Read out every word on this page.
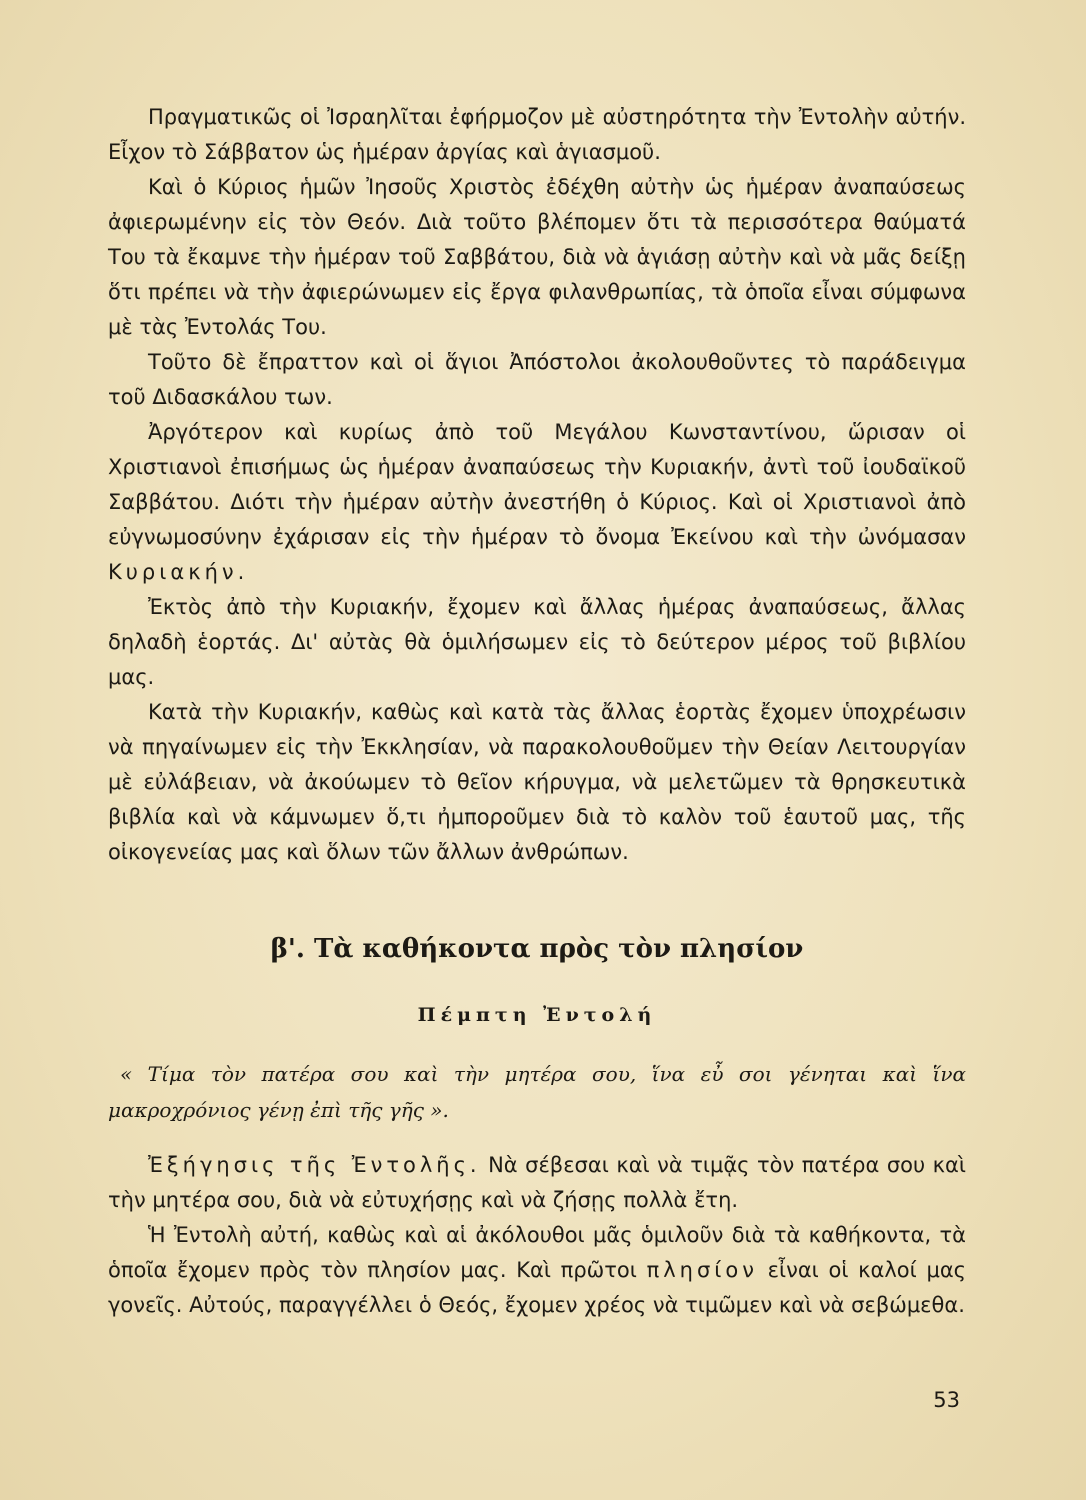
Πραγματικῶς οἱ Ἰσραηλῖται ἐφήρμοζον μὲ αὐστηρότητα τὴν Ἐντολὴν αὐτήν. Εἶχον τὸ Σάββατον ὡς ἡμέραν ἀργίας καὶ ἁγιασμοῦ.

Καὶ ὁ Κύριος ἡμῶν Ἰησοῦς Χριστὸς ἐδέχθη αὐτὴν ὡς ἡμέραν ἀναπαύσεως ἀφιερωμένην εἰς τὸν Θεόν. Διὰ τοῦτο βλέπομεν ὅτι τὰ περισσότερα θαύματά Του τὰ ἔκαμνε τὴν ἡμέραν τοῦ Σαββάτου, διὰ νὰ ἁγιάσῃ αὐτὴν καὶ νὰ μᾶς δείξῃ ὅτι πρέπει νὰ τὴν ἀφιερώνωμεν εἰς ἔργα φιλανθρωπίας, τὰ ὁποῖα εἶναι σύμφωνα μὲ τὰς Ἐντολάς Του.

Τοῦτο δὲ ἔπραττον καὶ οἱ ἅγιοι Ἀπόστολοι ἀκολουθοῦντες τὸ παράδειγμα τοῦ Διδασκάλου των.

Ἀργότερον καὶ κυρίως ἀπὸ τοῦ Μεγάλου Κωνσταντίνου, ὥρισαν οἱ Χριστιανοὶ ἐπισήμως ὡς ἡμέραν ἀναπαύσεως τὴν Κυριακήν, ἀντὶ τοῦ ἰουδαϊκοῦ Σαββάτου. Διότι τὴν ἡμέραν αὐτὴν ἀνεστήθη ὁ Κύριος. Καὶ οἱ Χριστιανοὶ ἀπὸ εὐγνωμοσύνην ἐχάρισαν εἰς τὴν ἡμέραν τὸ ὄνομα Ἐκείνου καὶ τὴν ὠνόμασαν Κυριακήν.

Ἐκτὸς ἀπὸ τὴν Κυριακήν, ἔχομεν καὶ ἄλλας ἡμέρας ἀναπαύσεως, ἄλλας δηλαδὴ ἑορτάς. Δι' αὐτὰς θὰ ὁμιλήσωμεν εἰς τὸ δεύτερον μέρος τοῦ βιβλίου μας.

Κατὰ τὴν Κυριακήν, καθὼς καὶ κατὰ τὰς ἄλλας ἑορτὰς ἔχομεν ὑποχρέωσιν νὰ πηγαίνωμεν εἰς τὴν Ἐκκλησίαν, νὰ παρακολουθοῦμεν τὴν Θείαν Λειτουργίαν μὲ εὐλάβειαν, νὰ ἀκούωμεν τὸ θεῖον κήρυγμα, νὰ μελετῶμεν τὰ θρησκευτικὰ βιβλία καὶ νὰ κάμνωμεν ὅ,τι ἠμποροῦμεν διὰ τὸ καλὸν τοῦ ἑαυτοῦ μας, τῆς οἰκογενείας μας καὶ ὅλων τῶν ἄλλων ἀνθρώπων.

β'. Τὰ καθήκοντα πρὸς τὸν πλησίον
Πέμπτη Ἐντολή

« Τίμα τὸν πατέρα σου καὶ τὴν μητέρα σου, ἵνα εὖ σοι γένηται καὶ ἵνα μακροχρόνιος γένῃ ἐπὶ τῆς γῆς ».

Ἐξήγησις τῆς Ἐντολῆς. Νὰ σέβεσαι καὶ νὰ τιμᾷς τὸν πατέρα σου καὶ τὴν μητέρα σου, διὰ νὰ εὐτυχήσῃς καὶ νὰ ζήσῃς πολλὰ ἔτη.

Ἡ Ἐντολὴ αὐτή, καθὼς καὶ αἱ ἀκόλουθοι μᾶς ὁμιλοῦν διὰ τὰ καθήκοντα, τὰ ὁποῖα ἔχομεν πρὸς τὸν πλησίον μας. Καὶ πρῶτοι πλησίον εἶναι οἱ καλοί μας γονεῖς. Αὐτούς, παραγγέλλει ὁ Θεός, ἔχομεν χρέος νὰ τιμῶμεν καὶ νὰ σεβώμεθα.

53
